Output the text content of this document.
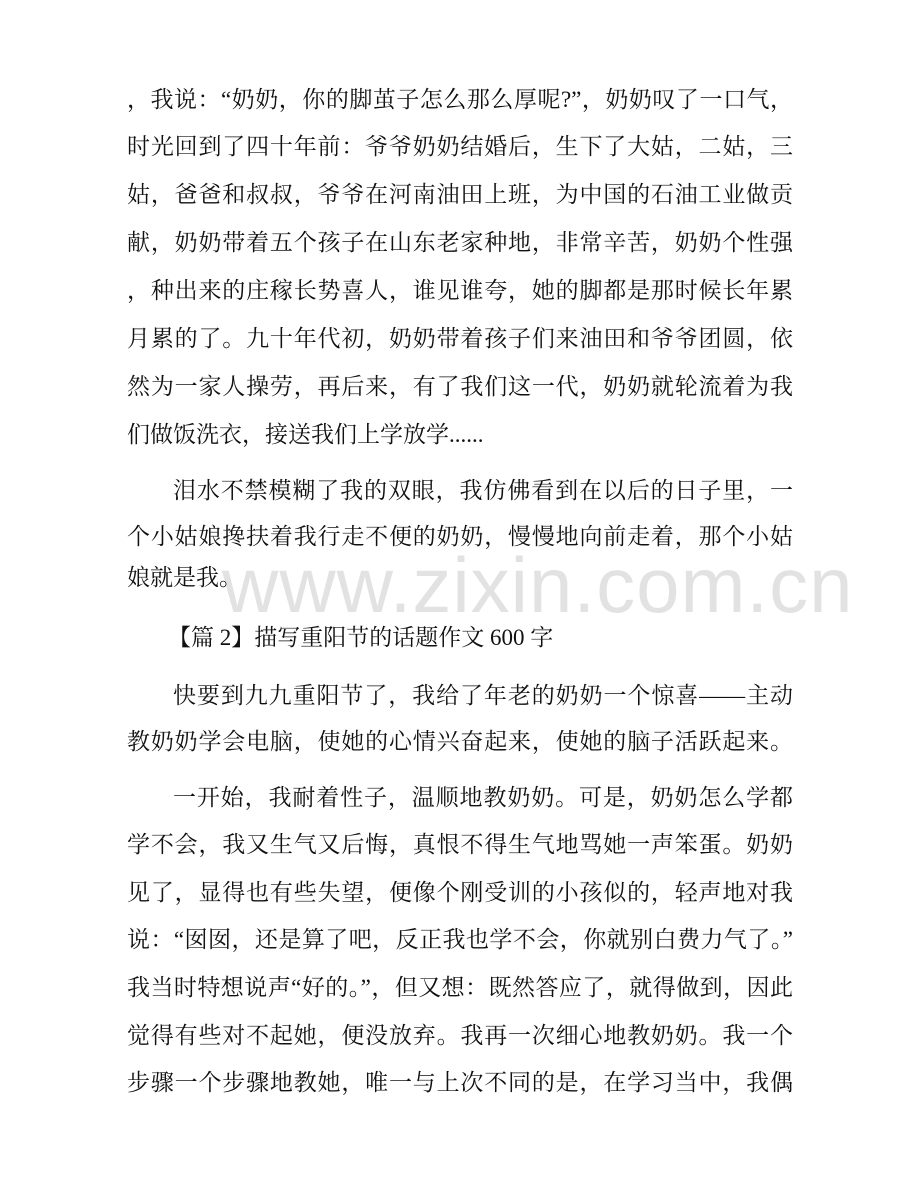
www.zixin.com.cn
，我说：“奶奶，你的脚茧子怎么那么厚呢?”，奶奶叹了一口气，
时光回到了四十年前：爷爷奶奶结婚后，生下了大姑，二姑，三
姑，爸爸和叔叔，爷爷在河南油田上班，为中国的石油工业做贡
献，奶奶带着五个孩子在山东老家种地，非常辛苦，奶奶个性强
，种出来的庄稼长势喜人，谁见谁夸，她的脚都是那时候长年累
月累的了。九十年代初，奶奶带着孩子们来油田和爷爷团圆，依
然为一家人操劳，再后来，有了我们这一代，奶奶就轮流着为我
们做饭洗衣，接送我们上学放学......
泪水不禁模糊了我的双眼，我仿佛看到在以后的日子里，一
个小姑娘搀扶着我行走不便的奶奶，慢慢地向前走着，那个小姑
娘就是我。
【篇 2】描写重阳节的话题作文 600 字
快要到九九重阳节了，我给了年老的奶奶一个惊喜——主动
教奶奶学会电脑，使她的心情兴奋起来，使她的脑子活跃起来。
一开始，我耐着性子，温顺地教奶奶。可是，奶奶怎么学都
学不会，我又生气又后悔，真恨不得生气地骂她一声笨蛋。奶奶
见了，显得也有些失望，便像个刚受训的小孩似的，轻声地对我
说：“囡囡，还是算了吧，反正我也学不会，你就别白费力气了。”
我当时特想说声“好的。”，但又想：既然答应了，就得做到，因此
觉得有些对不起她，便没放弃。我再一次细心地教奶奶。我一个
步骤一个步骤地教她，唯一与上次不同的是，在学习当中，我偶
